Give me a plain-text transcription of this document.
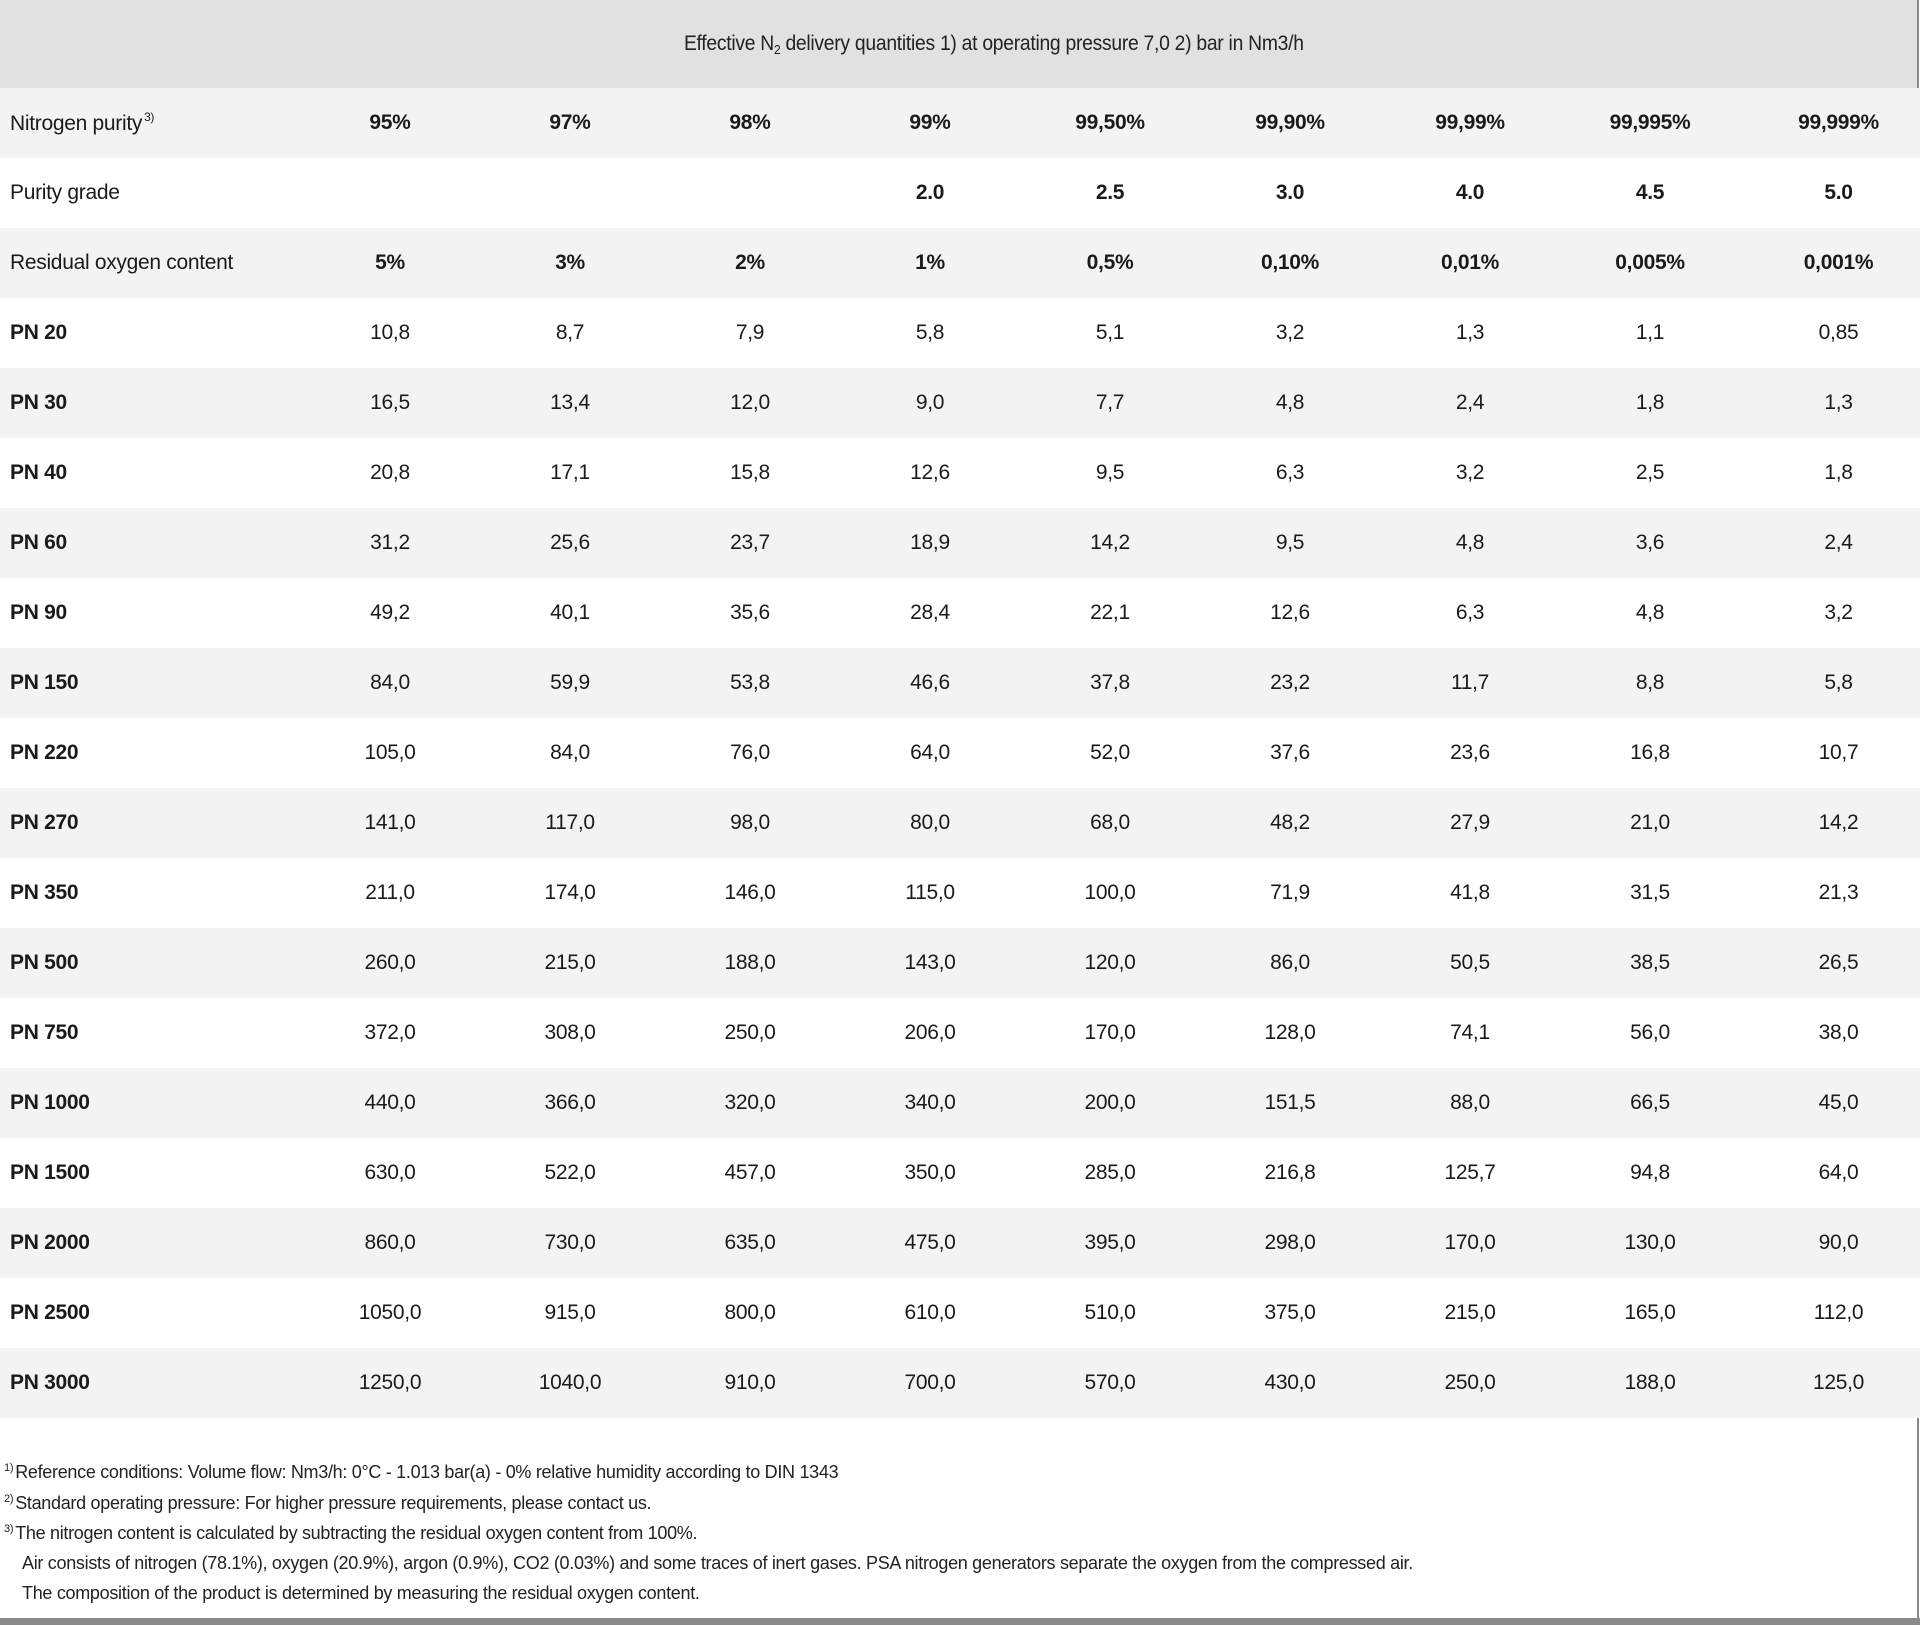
Effective $N_2$ delivery quantities 1) at operating pressure 7,0 2) bar in Nm3/h
Nitrogen purity $^{3)}$	95%	97%	98%	99%	99,50%	99,90%	99,99%	99,995%	99,999%
Purity grade				2.0	2.5	3.0	4.0	4.5	5.0
Residual oxygen content	5%	3%	2%	1%	0,5%	0,10%	0,01%	0,005%	0,001%
PN 20	10,8	8,7	7,9	5,8	5,1	3,2	1,3	1,1	0,85
PN 30	16,5	13,4	12,0	9,0	7,7	4,8	2,4	1,8	1,3
PN 40	20,8	17,1	15,8	12,6	9,5	6,3	3,2	2,5	1,8
PN 60	31,2	25,6	23,7	18,9	14,2	9,5	4,8	3,6	2,4
PN 90	49,2	40,1	35,6	28,4	22,1	12,6	6,3	4,8	3,2
PN 150	84,0	59,9	53,8	46,6	37,8	23,2	11,7	8,8	5,8
PN 220	105,0	84,0	76,0	64,0	52,0	37,6	23,6	16,8	10,7
PN 270	141,0	117,0	98,0	80,0	68,0	48,2	27,9	21,0	14,2
PN 350	211,0	174,0	146,0	115,0	100,0	71,9	41,8	31,5	21,3
PN 500	260,0	215,0	188,0	143,0	120,0	86,0	50,5	38,5	26,5
PN 750	372,0	308,0	250,0	206,0	170,0	128,0	74,1	56,0	38,0
PN 1000	440,0	366,0	320,0	340,0	200,0	151,5	88,0	66,5	45,0
PN 1500	630,0	522,0	457,0	350,0	285,0	216,8	125,7	94,8	64,0
PN 2000	860,0	730,0	635,0	475,0	395,0	298,0	170,0	130,0	90,0
PN 2500	1050,0	915,0	800,0	610,0	510,0	375,0	215,0	165,0	112,0
PN 3000	1250,0	1040,0	910,0	700,0	570,0	430,0	250,0	188,0	125,0
$^{1)}$ Reference conditions: Volume flow: Nm3/h: 0°C - 1.013 bar(a) - 0% relative humidity according to DIN 1343
$^{2)}$ Standard operating pressure: For higher pressure requirements, please contact us.
$^{3)}$ The nitrogen content is calculated by subtracting the residual oxygen content from 100%.
Air consists of nitrogen (78.1%), oxygen (20.9%), argon (0.9%), CO2 (0.03%) and some traces of inert gases. PSA nitrogen generators separate the oxygen from the compressed air.
The composition of the product is determined by measuring the residual oxygen content.
